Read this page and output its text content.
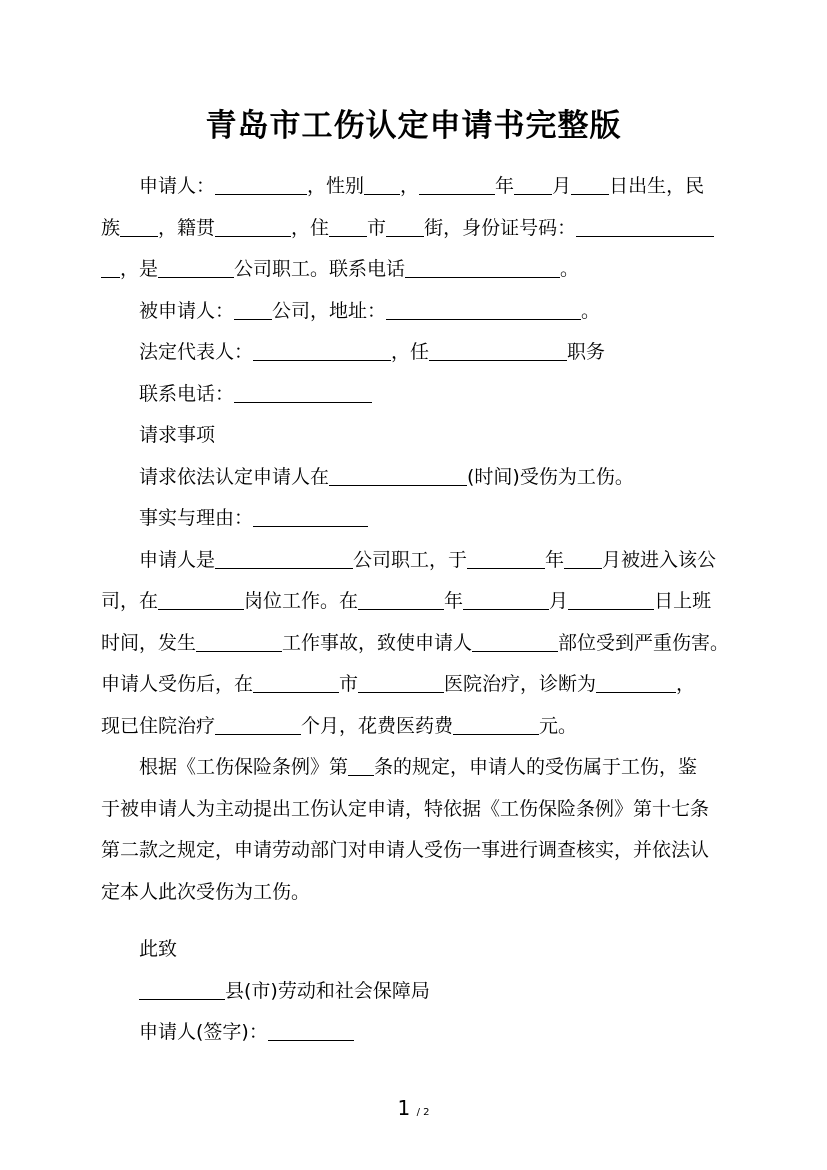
青岛市工伤认定申请书完整版
申请人：	，性别 ，	年 月 日出生，民
族 ，籍贯	，住 市 街，身份证号码：
，是	公司职工。联系电话	。
被申请人： 公司，地址：	。
法定代表人：	，任	职务
联系电话：
请求事项
请求依法认定申请人在	(时间)受伤为工伤。
事实与理由：
申请人是	公司职工，于	年 月被进入该公
司，在	岗位工作。在	年	月	日上班
时间，发生	工作事故，致使申请人	部位受到严重伤害。
申请人受伤后，在	市	医院治疗，诊断为	，
现已住院治疗	个月，花费医药费	元。
根据《工伤保险条例》第 条的规定，申请人的受伤属于工伤，鉴
于被申请人为主动提出工伤认定申请，特依据《工伤保险条例》第十七条
第二款之规定，申请劳动部门对申请人受伤一事进行调查核实，并依法认
定本人此次受伤为工伤。
此致
县(市)劳动和社会保障局
申请人(签字)：
1 / 2
